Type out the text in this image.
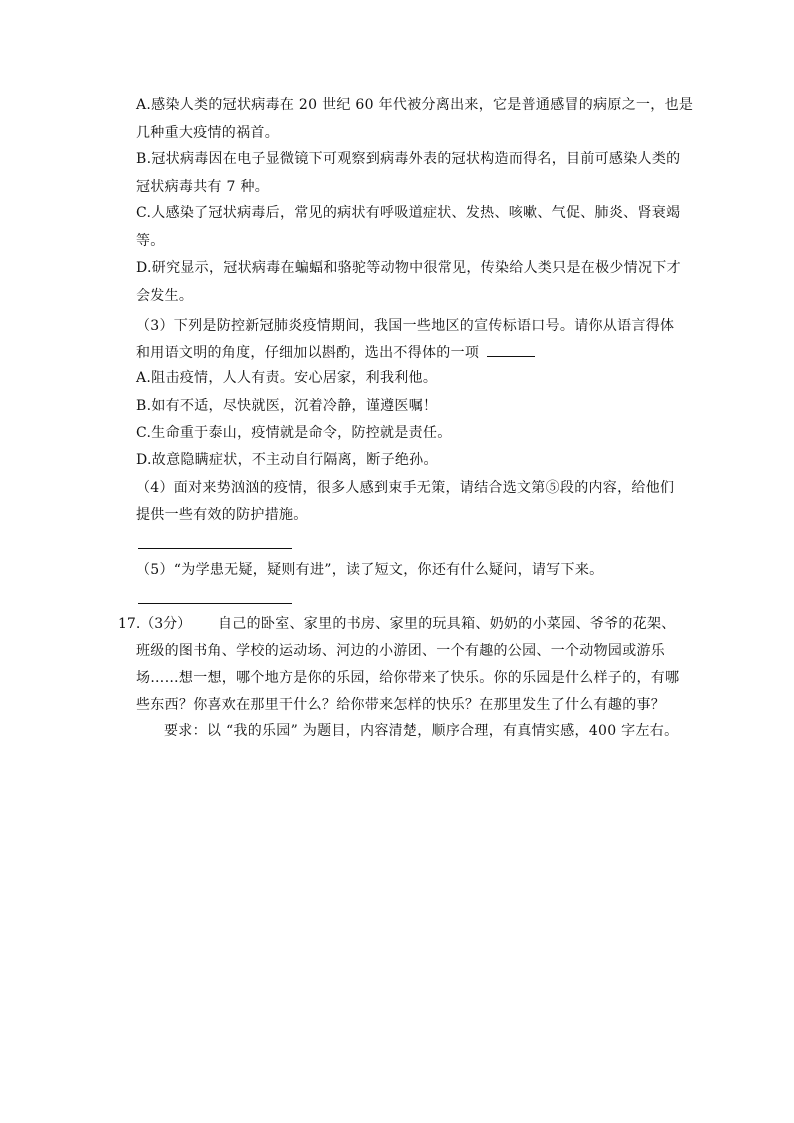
A.感染人类的冠状病毒在 20 世纪 60 年代被分离出来，它是普通感冒的病原之一，也是
几种重大疫情的祸首。
B.冠状病毒因在电子显微镜下可观察到病毒外表的冠状构造而得名，目前可感染人类的
冠状病毒共有 7 种。
C.人感染了冠状病毒后，常见的病状有呼吸道症状、发热、咳嗽、气促、肺炎、肾衰竭
等。
D.研究显示，冠状病毒在蝙蝠和骆驼等动物中很常见，传染给人类只是在极少情况下才
会发生。
（3）下列是防控新冠肺炎疫情期间，我国一些地区的宣传标语口号。请你从语言得体
和用语文明的角度，仔细加以斟酌，选出不得体的一项
A.阻击疫情，人人有责。安心居家，利我利他。
B.如有不适，尽快就医，沉着冷静，谨遵医嘱！
C.生命重于泰山，疫情就是命令，防控就是责任。
D.故意隐瞒症状，不主动自行隔离，断子绝孙。
（4）面对来势汹汹的疫情，很多人感到束手无策，请结合选文第⑤段的内容，给他们
提供一些有效的防护措施。
（5）“为学患无疑，疑则有进”，读了短文，你还有什么疑问，请写下来。
17.（3分） 自己的卧室、家里的书房、家里的玩具箱、奶奶的小菜园、爷爷的花架、
班级的图书角、学校的运动场、河边的小游团、一个有趣的公园、一个动物园或游乐
场……想一想，哪个地方是你的乐园，给你带来了快乐。你的乐园是什么样子的，有哪
些东西？你喜欢在那里干什么？给你带来怎样的快乐？在那里发生了什么有趣的事？
要求：以 “我的乐园” 为题目，内容清楚，顺序合理，有真情实感，400 字左右。
